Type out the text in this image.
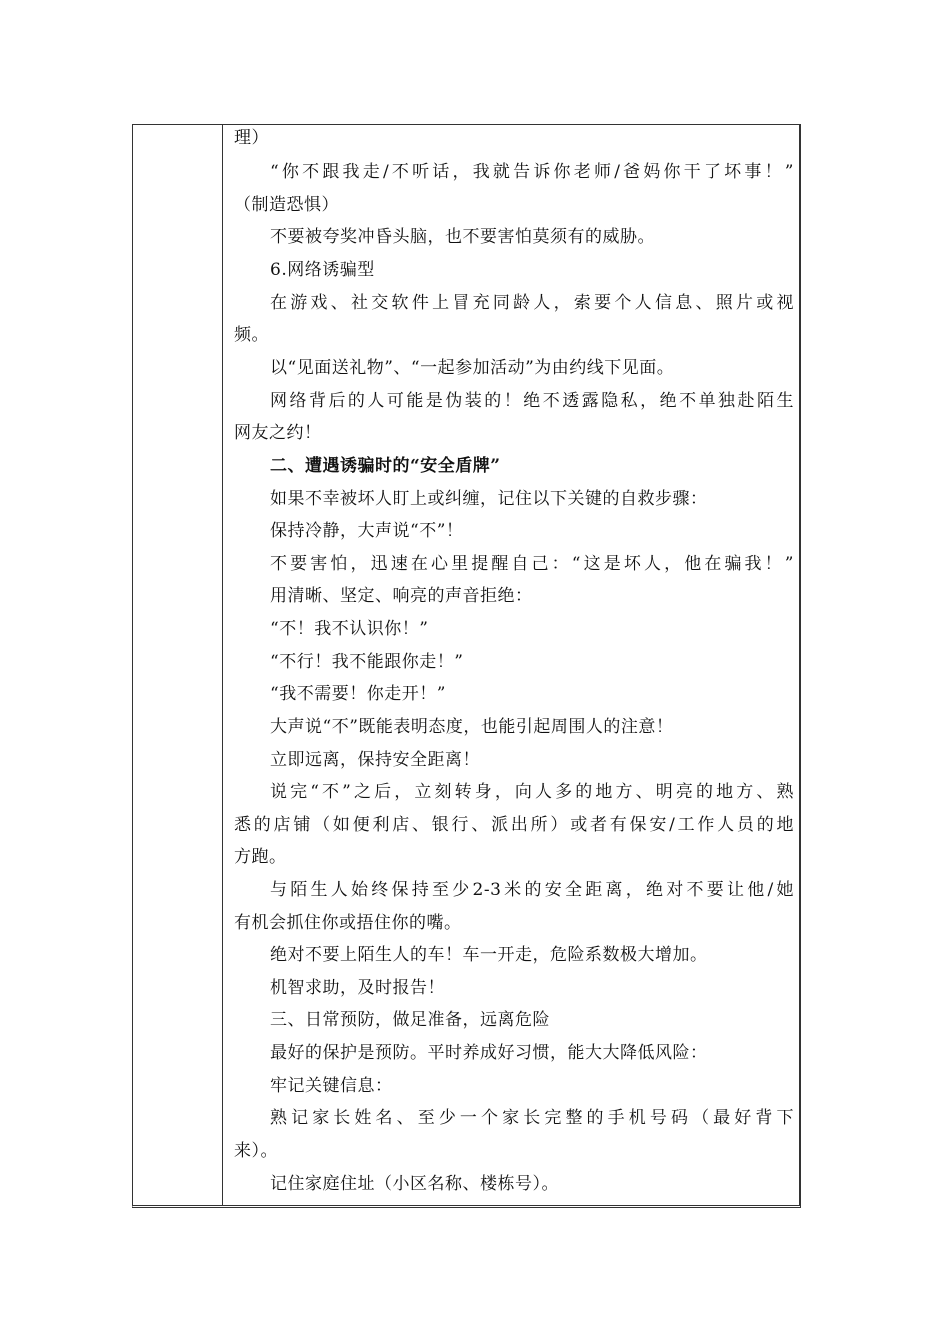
理）
“你不跟我走/不听话，我就告诉你老师/爸妈你干了坏事！”
（制造恐惧）
不要被夸奖冲昏头脑，也不要害怕莫须有的威胁。
6.网络诱骗型
在游戏、社交软件上冒充同龄人，索要个人信息、照片或视
频。
以“见面送礼物”、“一起参加活动”为由约线下见面。
网络背后的人可能是伪装的！绝不透露隐私，绝不单独赴陌生
网友之约！
二、遭遇诱骗时的“安全盾牌”
如果不幸被坏人盯上或纠缠，记住以下关键的自救步骤：
保持冷静，大声说“不”！
不要害怕，迅速在心里提醒自己：“这是坏人，他在骗我！”
用清晰、坚定、响亮的声音拒绝：
“不！我不认识你！”
“不行！我不能跟你走！”
“我不需要！你走开！”
大声说“不”既能表明态度，也能引起周围人的注意！
立即远离，保持安全距离！
说完“不”之后，立刻转身，向人多的地方、明亮的地方、熟
悉的店铺（如便利店、银行、派出所）或者有保安/工作人员的地
方跑。
与陌生人始终保持至少2-3米的安全距离，绝对不要让他/她
有机会抓住你或捂住你的嘴。
绝对不要上陌生人的车！车一开走，危险系数极大增加。
机智求助，及时报告！
三、日常预防，做足准备，远离危险
最好的保护是预防。平时养成好习惯，能大大降低风险：
牢记关键信息：
熟记家长姓名、至少一个家长完整的手机号码（最好背下
来）。
记住家庭住址（小区名称、楼栋号）。
